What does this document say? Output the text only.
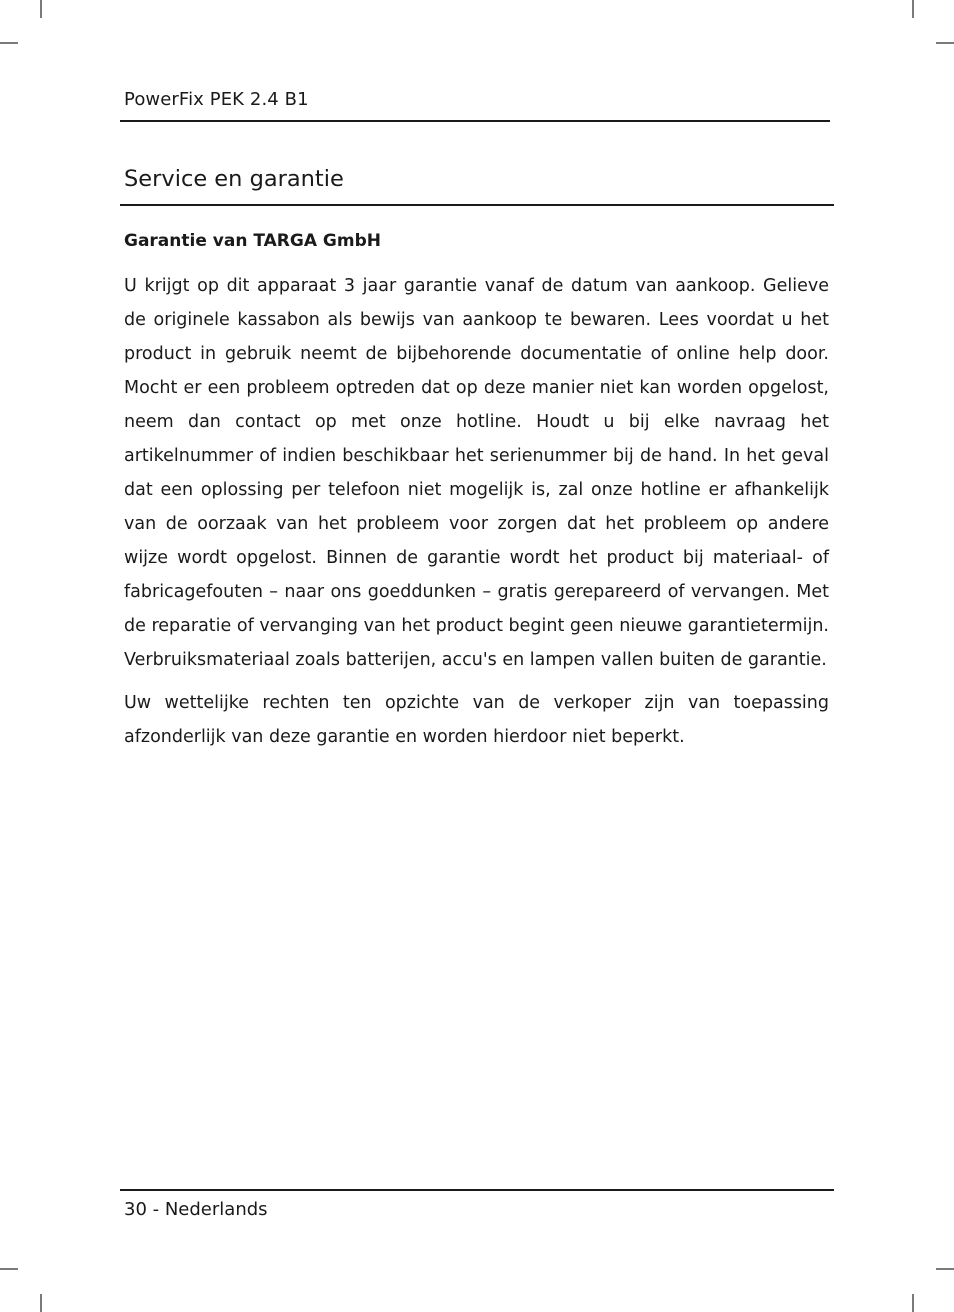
PowerFix PEK 2.4 B1
Service en garantie
Garantie van TARGA GmbH

U krijgt op dit apparaat 3 jaar garantie vanaf de datum van aankoop. Gelieve de originele kassabon als bewijs van aankoop te bewaren. Lees voordat u het product in gebruik neemt de bijbehorende documentatie of online help door. Mocht er een probleem optreden dat op deze manier niet kan worden opgelost, neem dan contact op met onze hotline. Houdt u bij elke navraag het artikelnummer of indien beschikbaar het serienummer bij de hand. In het geval dat een oplossing per telefoon niet mogelijk is, zal onze hotline er afhankelijk van de oorzaak van het probleem voor zorgen dat het probleem op andere wijze wordt opgelost. Binnen de garantie wordt het product bij materiaal- of fabricagefouten – naar ons goeddunken – gratis gerepareerd of vervangen. Met de reparatie of vervanging van het product begint geen nieuwe garantietermijn. Verbruiksmateriaal zoals batterijen, accu's en lampen vallen buiten de garantie.

Uw wettelijke rechten ten opzichte van de verkoper zijn van toepassing afzonderlijk van deze garantie en worden hierdoor niet beperkt.

30 - Nederlands
